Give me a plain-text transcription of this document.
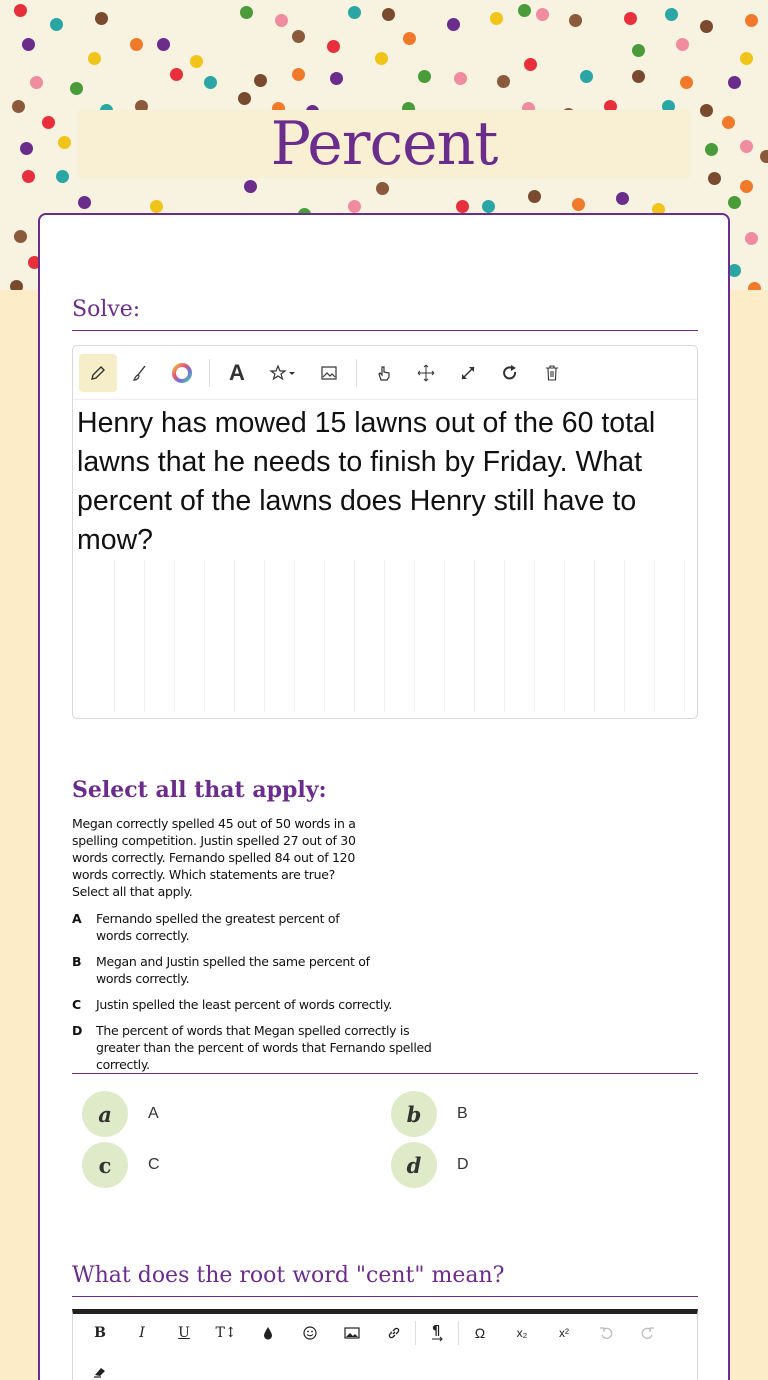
Percent
Solve:
A
Henry has mowed 15 lawns out of the 60 total lawns that he needs to finish by Friday. What percent of the lawns does Henry still have to mow?
Select all that apply:
Megan correctly spelled 45 out of 50 words in a spelling competition. Justin spelled 27 out of 30 words correctly. Fernando spelled 84 out of 120 words correctly. Which statements are true? Select all that apply.
A	Fernando spelled the greatest percent of words correctly.
B	Megan and Justin spelled the same percent of words correctly.
C	Justin spelled the least percent of words correctly.
D	The percent of words that Megan spelled correctly is greater than the percent of words that Fernando spelled correctly.
a	A	b	B
c	C	d	D
What does the root word "cent" mean?
B	I	U	T↕	¶	Ω	x₂	x²
